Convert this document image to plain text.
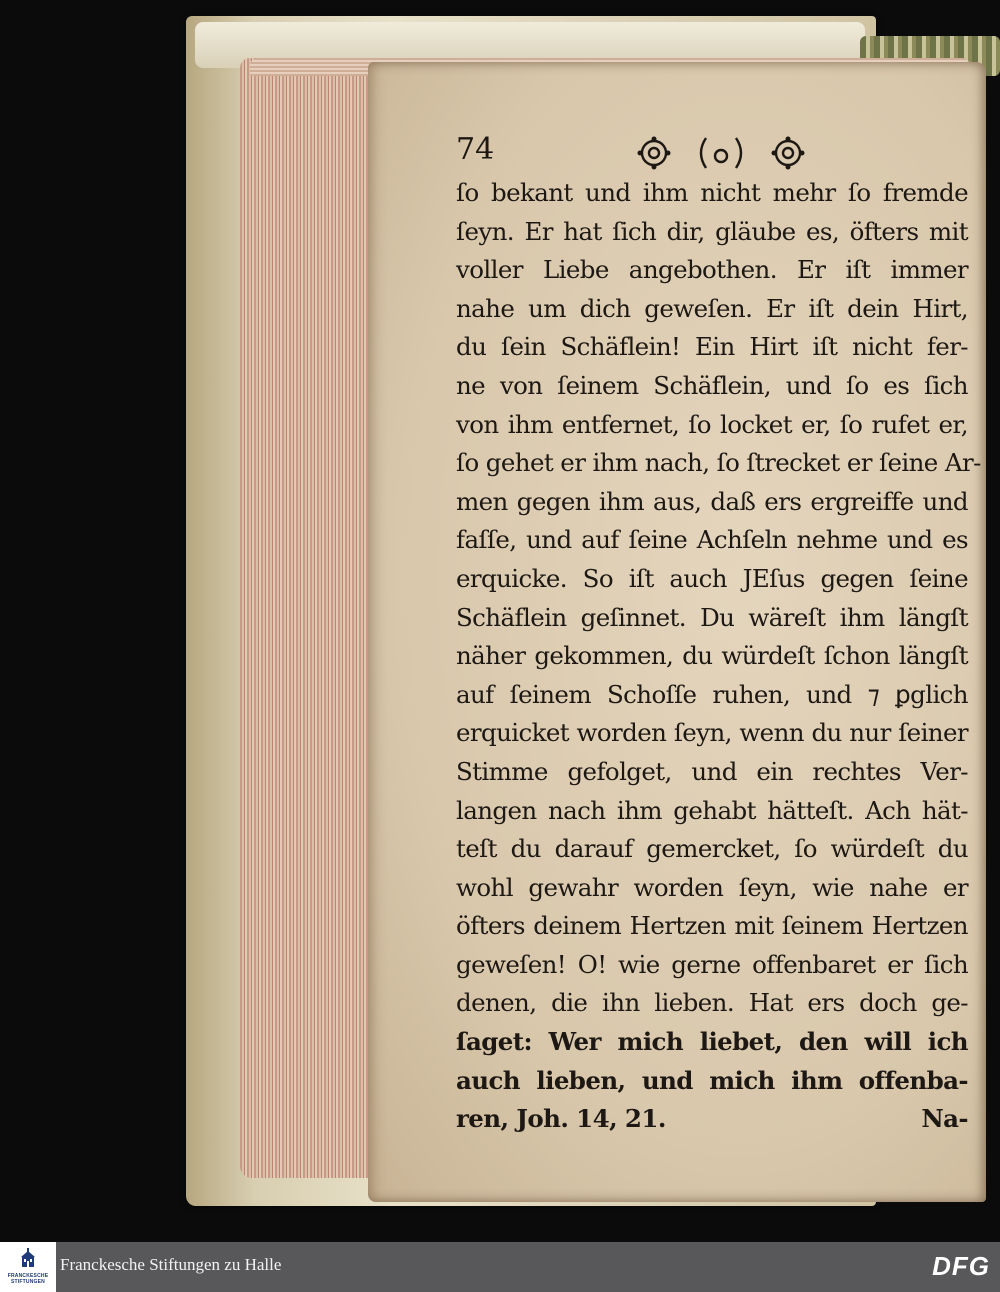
74
ſo bekant und ihm nicht mehr ſo fremde
ſeyn. Er hat ſich dir, gläube es, öfters mit
voller Liebe angebothen. Er iſt immer
nahe um dich geweſen. Er iſt dein Hirt,
du ſein Schäflein! Ein Hirt iſt nicht fer-
ne von ſeinem Schäflein, und ſo es ſich
von ihm entfernet, ſo locket er, ſo rufet er,
ſo gehet er ihm nach, ſo ſtrecket er ſeine Ar-
men gegen ihm aus, daß ers ergreiffe und
faſſe, und auf ſeine Achſeln nehme und es
erquicke. So iſt auch JEſus gegen ſeine
Schäflein geſinnet. Du wäreſt ihm längſt
näher gekommen, du würdeſt ſchon längſt
auf ſeinem Schoſſe ruhen, und ⁊ ꝑglich
erquicket worden ſeyn, wenn du nur ſeiner
Stimme gefolget, und ein rechtes Ver-
langen nach ihm gehabt hätteſt. Ach hät-
teſt du darauf gemercket, ſo würdeſt du
wohl gewahr worden ſeyn, wie nahe er
öfters deinem Hertzen mit ſeinem Hertzen
geweſen! O! wie gerne offenbaret er ſich
denen, die ihn lieben. Hat ers doch ge-
ſaget: Wer mich liebet, den will ich
auch lieben, und mich ihm offenba-
ren, Joh. 14, 21.	Na-
FRANCKESCHE STIFTUNGEN
Franckesche Stiftungen zu Halle	DFG
